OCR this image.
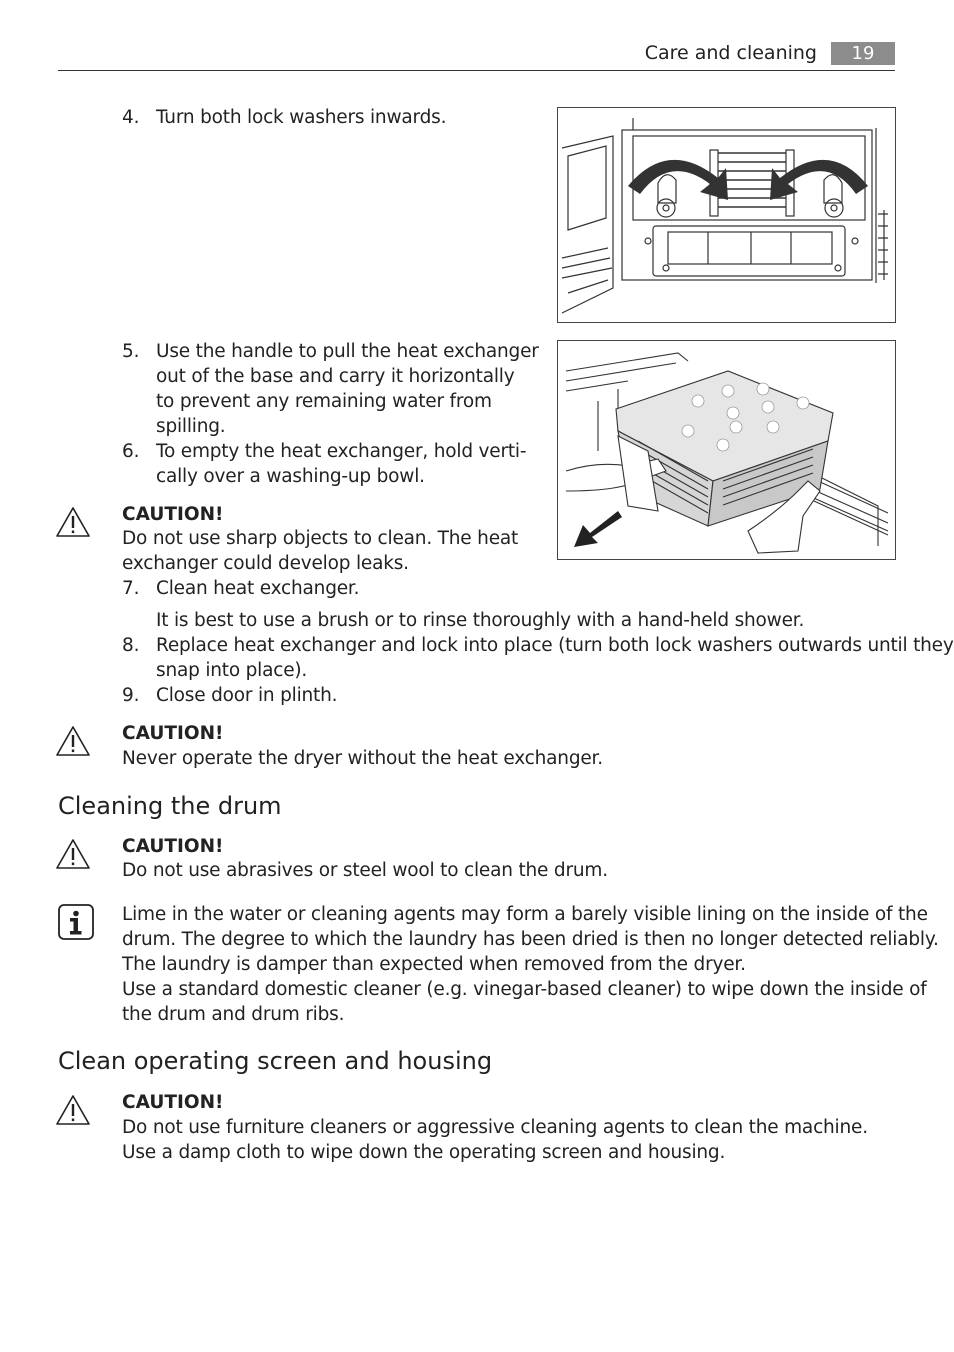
Care and cleaning	19
4. Turn both lock washers inwards.
5. Use the handle to pull the heat exchanger
out of the base and carry it horizontally
to prevent any remaining water from
spilling.
6. To empty the heat exchanger, hold verti-
cally over a washing-up bowl.
CAUTION!
Do not use sharp objects to clean. The heat
exchanger could develop leaks.
7. Clean heat exchanger.
It is best to use a brush or to rinse thoroughly with a hand-held shower.
8. Replace heat exchanger and lock into place (turn both lock washers outwards until they
snap into place).
9. Close door in plinth.
CAUTION!
Never operate the dryer without the heat exchanger.
Cleaning the drum
CAUTION!
Do not use abrasives or steel wool to clean the drum.
Lime in the water or cleaning agents may form a barely visible lining on the inside of the
drum. The degree to which the laundry has been dried is then no longer detected reliably.
The laundry is damper than expected when removed from the dryer.
Use a standard domestic cleaner (e.g. vinegar-based cleaner) to wipe down the inside of
the drum and drum ribs.
Clean operating screen and housing
CAUTION!
Do not use furniture cleaners or aggressive cleaning agents to clean the machine.
Use a damp cloth to wipe down the operating screen and housing.
